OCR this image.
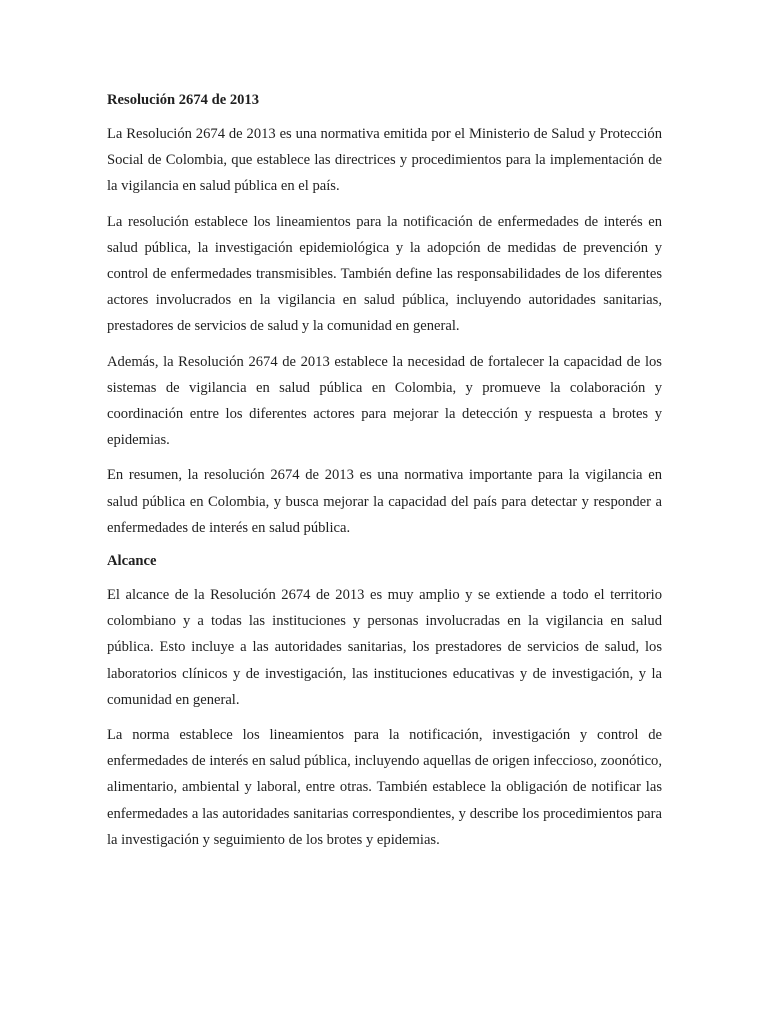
Resolución 2674 de 2013

La Resolución 2674 de 2013 es una normativa emitida por el Ministerio de Salud y Protección Social de Colombia, que establece las directrices y procedimientos para la implementación de la vigilancia en salud pública en el país.

La resolución establece los lineamientos para la notificación de enfermedades de interés en salud pública, la investigación epidemiológica y la adopción de medidas de prevención y control de enfermedades transmisibles. También define las responsabilidades de los diferentes actores involucrados en la vigilancia en salud pública, incluyendo autoridades sanitarias, prestadores de servicios de salud y la comunidad en general.

Además, la Resolución 2674 de 2013 establece la necesidad de fortalecer la capacidad de los sistemas de vigilancia en salud pública en Colombia, y promueve la colaboración y coordinación entre los diferentes actores para mejorar la detección y respuesta a brotes y epidemias.

En resumen, la resolución 2674 de 2013 es una normativa importante para la vigilancia en salud pública en Colombia, y busca mejorar la capacidad del país para detectar y responder a enfermedades de interés en salud pública.

Alcance

El alcance de la Resolución 2674 de 2013 es muy amplio y se extiende a todo el territorio colombiano y a todas las instituciones y personas involucradas en la vigilancia en salud pública. Esto incluye a las autoridades sanitarias, los prestadores de servicios de salud, los laboratorios clínicos y de investigación, las instituciones educativas y de investigación, y la comunidad en general.

La norma establece los lineamientos para la notificación, investigación y control de enfermedades de interés en salud pública, incluyendo aquellas de origen infeccioso, zoonótico, alimentario, ambiental y laboral, entre otras. También establece la obligación de notificar las enfermedades a las autoridades sanitarias correspondientes, y describe los procedimientos para la investigación y seguimiento de los brotes y epidemias.
